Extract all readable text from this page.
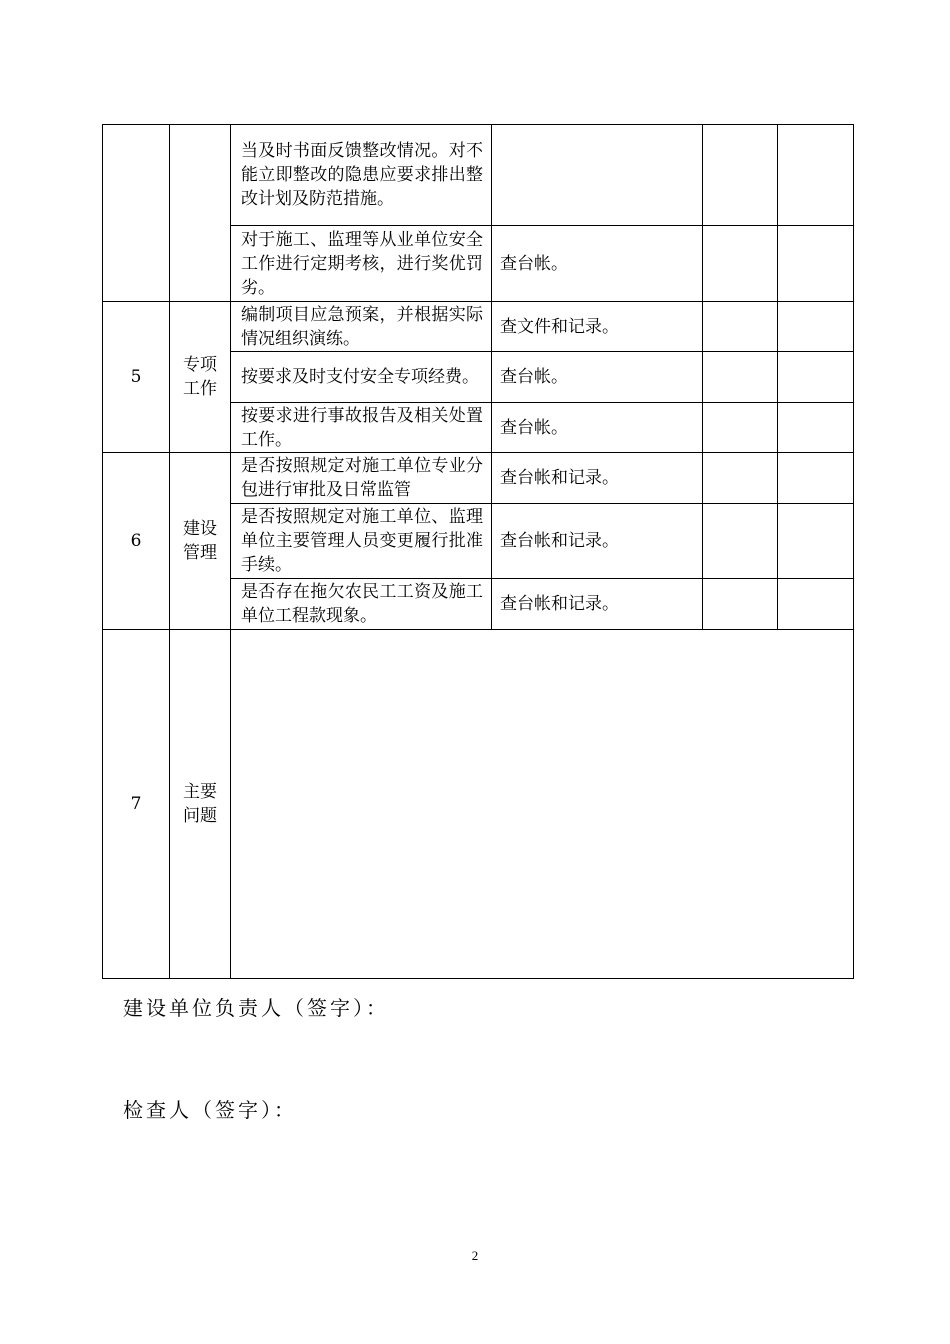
		当及时书面反馈整改情况。对不能立即整改的隐患应要求排出整改计划及防范措施。			
		对于施工、监理等从业单位安全工作进行定期考核，进行奖优罚劣。	查台帐。		
5	专项工作	编制项目应急预案，并根据实际情况组织演练。	查文件和记录。		
		按要求及时支付安全专项经费。	查台帐。		
		按要求进行事故报告及相关处置工作。	查台帐。		
6	建设管理	是否按照规定对施工单位专业分包进行审批及日常监管	查台帐和记录。		
		是否按照规定对施工单位、监理单位主要管理人员变更履行批准手续。	查台帐和记录。		
		是否存在拖欠农民工工资及施工单位工程款现象。	查台帐和记录。		
7	主要问题				
建设单位负责人（签字）：
检查人（签字）：
2
